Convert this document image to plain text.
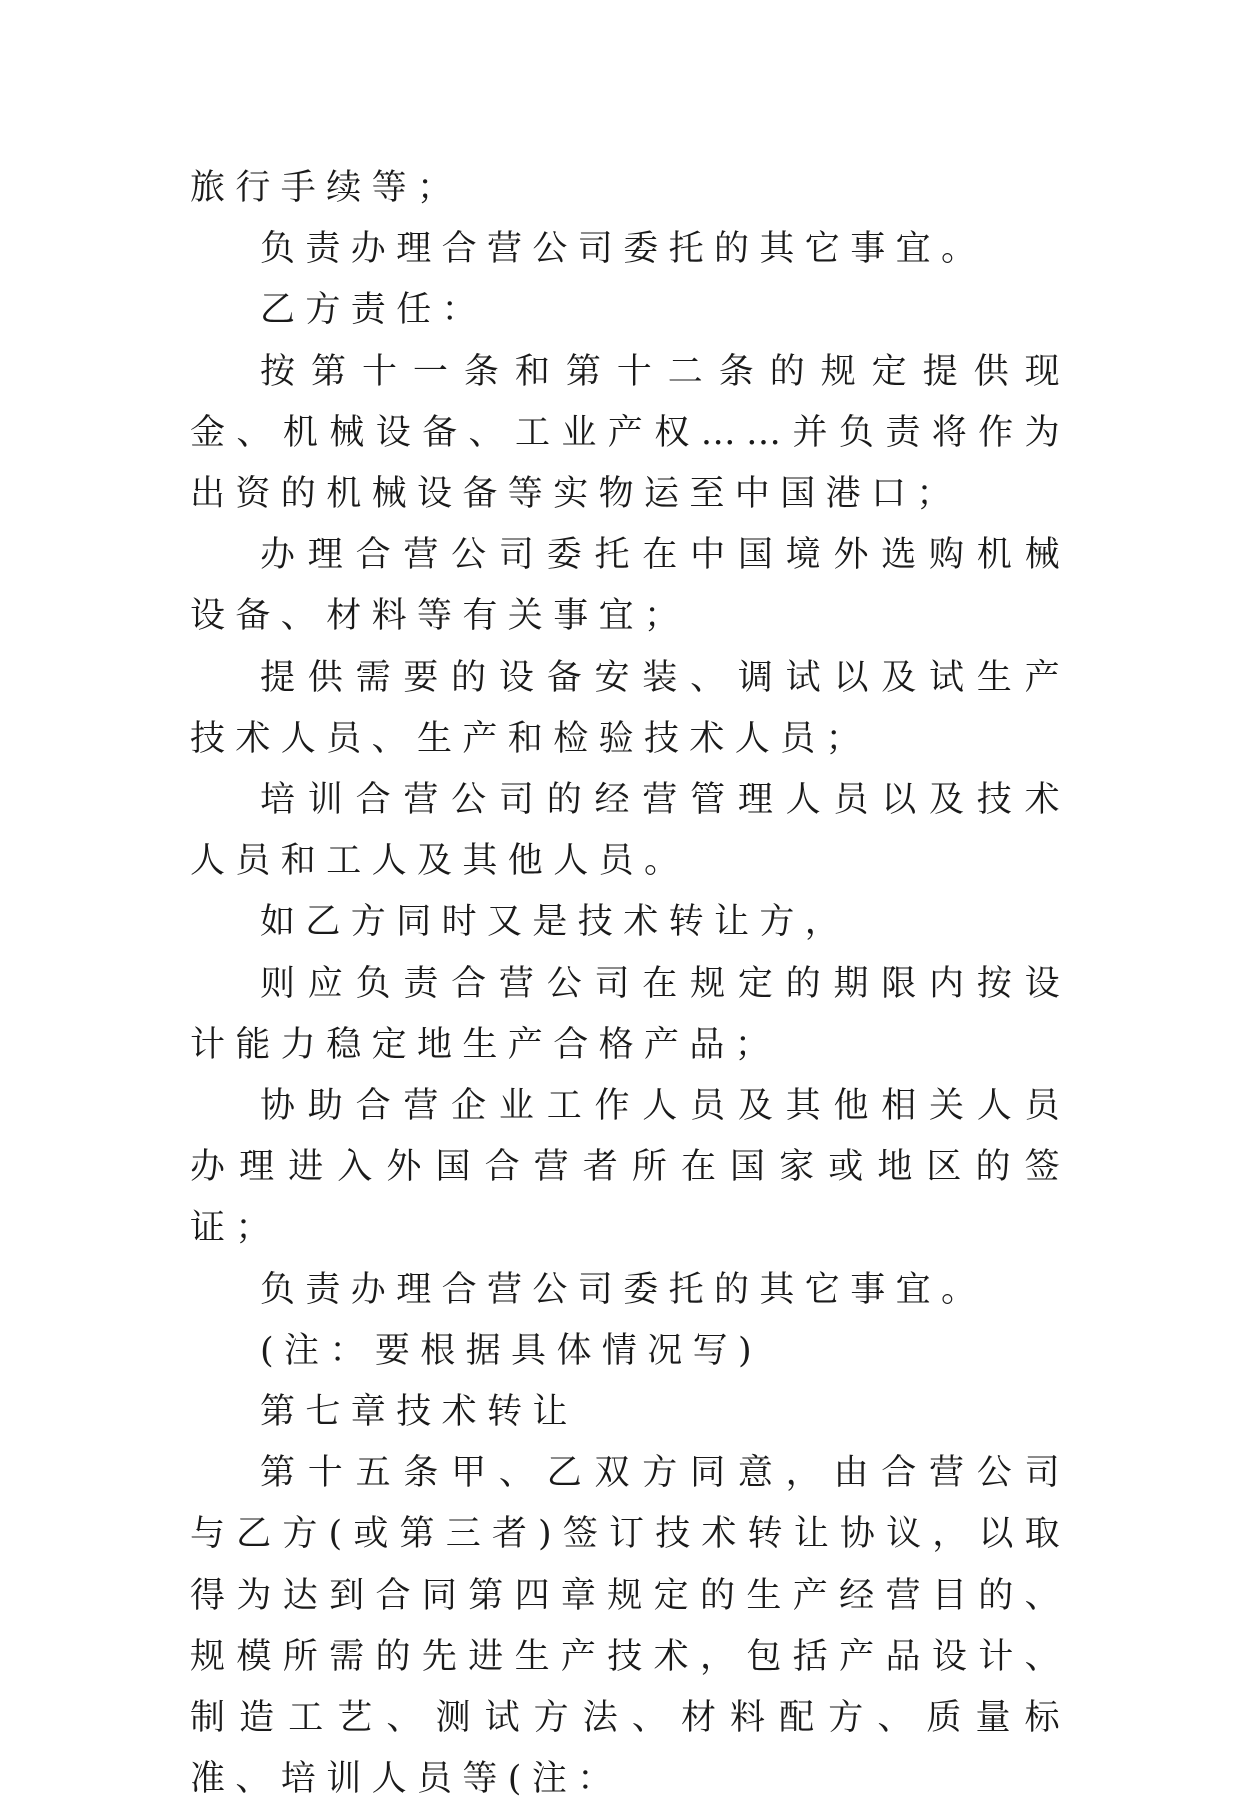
旅行手续等；

负责办理合营公司委托的其它事宜。

乙方责任：

按第十一条和第十二条的规定提供现金、机械设备、工业产权……并负责将作为出资的机械设备等实物运至中国港口；

办理合营公司委托在中国境外选购机械设备、材料等有关事宜；

提供需要的设备安装、调试以及试生产技术人员、生产和检验技术人员；

培训合营公司的经营管理人员以及技术人员和工人及其他人员。

如乙方同时又是技术转让方，

则应负责合营公司在规定的期限内按设计能力稳定地生产合格产品；

协助合营企业工作人员及其他相关人员办理进入外国合营者所在国家或地区的签证；

负责办理合营公司委托的其它事宜。

(注：要根据具体情况写)

第七章技术转让

第十五条甲、乙双方同意，由合营公司与乙方(或第三者)签订技术转让协议，以取得为达到合同第四章规定的生产经营目的、规模所需的先进生产技术，包括产品设计、制造工艺、测试方法、材料配方、质量标准、培训人员等(注：
